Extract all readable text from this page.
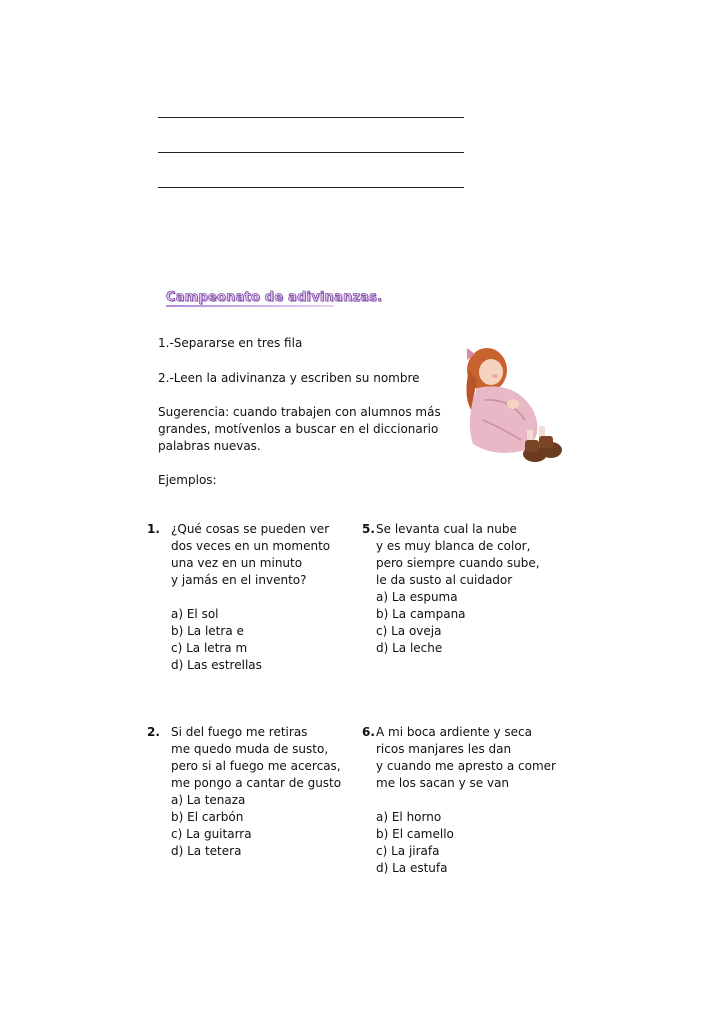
Campeonato de adivinanzas.
1.-Separarse en tres fila
2.-Leen la adivinanza y escriben su nombre
Sugerencia: cuando trabajen con alumnos más
grandes, motívenlos a buscar en el diccionario
palabras nuevas.
Ejemplos:
1. ¿Qué cosas se pueden ver
dos veces en un momento
una vez en un minuto
y jamás en el invento?
a) El sol
b) La letra e
c) La letra m
d) Las estrellas
5.Se levanta cual la nube
y es muy blanca de color,
pero siempre cuando sube,
le da susto al cuidador
a) La espuma
b) La campana
c) La oveja
d) La leche
2. Si del fuego me retiras
me quedo muda de susto,
pero si al fuego me acercas,
me pongo a cantar de gusto
a) La tenaza
b) El carbón
c) La guitarra
d) La tetera
6.A mi boca ardiente y seca
ricos manjares les dan
y cuando me apresto a comer
me los sacan y se van
a) El horno
b) El camello
c) La jirafa
d) La estufa
